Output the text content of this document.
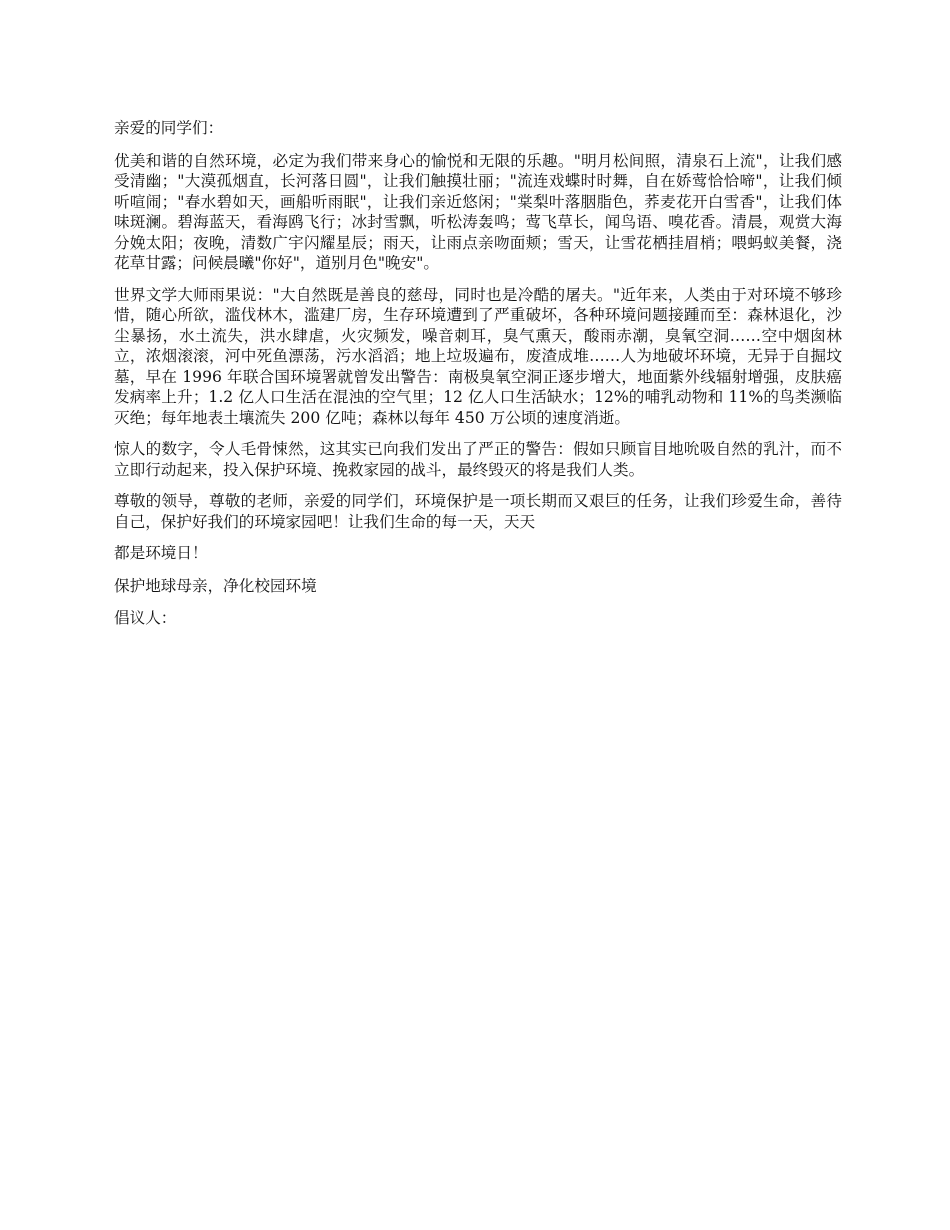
亲爱的同学们：

优美和谐的自然环境，必定为我们带来身心的愉悦和无限的乐趣。"明月松间照，清泉石上流"，让我们感受清幽；"大漠孤烟直，长河落日圆"，让我们触摸壮丽；"流连戏蝶时时舞，自在娇莺恰恰啼"，让我们倾听喧闹；"春水碧如天，画船听雨眠"，让我们亲近悠闲；"棠梨叶落胭脂色，荞麦花开白雪香"，让我们体味斑澜。碧海蓝天，看海鸥飞行；冰封雪飘，听松涛轰鸣；莺飞草长，闻鸟语、嗅花香。清晨，观赏大海分娩太阳；夜晚，清数广宇闪耀星辰；雨天，让雨点亲吻面颊；雪天，让雪花栖挂眉梢；喂蚂蚁美餐，浇花草甘露；问候晨曦"你好"，道别月色"晚安"。

世界文学大师雨果说："大自然既是善良的慈母，同时也是冷酷的屠夫。"近年来，人类由于对环境不够珍惜，随心所欲，滥伐林木，滥建厂房，生存环境遭到了严重破坏，各种环境问题接踵而至：森林退化，沙尘暴扬，水土流失，洪水肆虐，火灾频发，噪音刺耳，臭气熏天，酸雨赤潮，臭氧空洞……空中烟囱林立，浓烟滚滚，河中死鱼漂荡，污水滔滔；地上垃圾遍布，废渣成堆……人为地破坏环境，无异于自掘坟墓，早在 1996 年联合国环境署就曾发出警告：南极臭氧空洞正逐步增大，地面紫外线辐射增强，皮肤癌发病率上升；1.2 亿人口生活在混浊的空气里；12 亿人口生活缺水；12%的哺乳动物和 11%的鸟类濒临灭绝；每年地表土壤流失 200 亿吨；森林以每年 450 万公顷的速度消逝。

惊人的数字，令人毛骨悚然，这其实已向我们发出了严正的警告：假如只顾盲目地吮吸自然的乳汁，而不立即行动起来，投入保护环境、挽救家园的战斗，最终毁灭的将是我们人类。

尊敬的领导，尊敬的老师，亲爱的同学们，环境保护是一项长期而又艰巨的任务，让我们珍爱生命，善待自己，保护好我们的环境家园吧！让我们生命的每一天，天天

都是环境日！

保护地球母亲，净化校园环境

倡议人：
